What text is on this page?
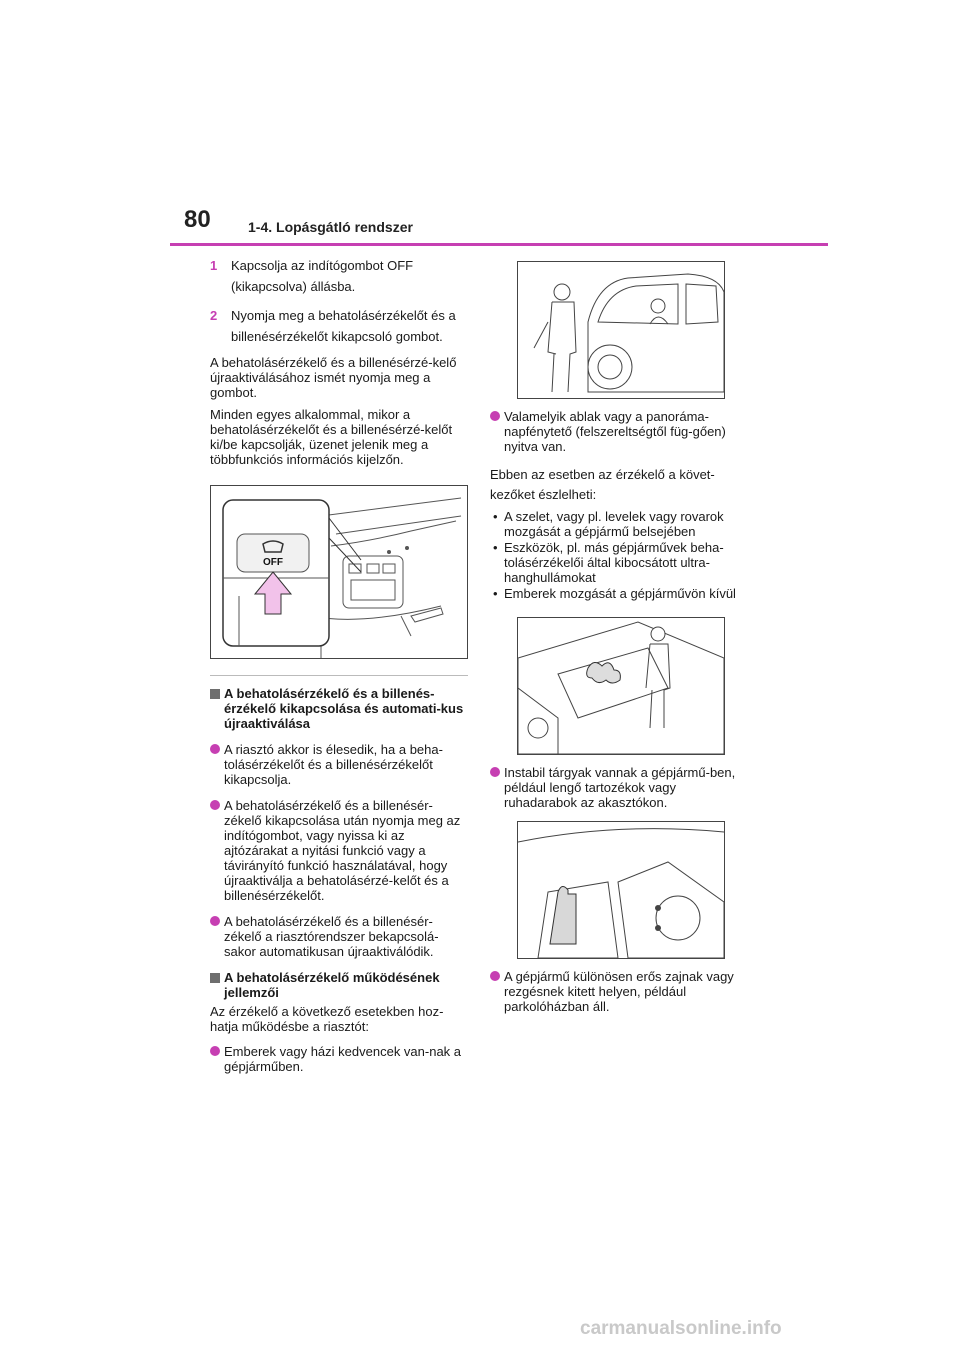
80	1-4. Lopásgátló rendszer
1 Kapcsolja az indítógombot OFF (kikapcsolva) állásba.
2 Nyomja meg a behatolásérzékelőt és a billenésérzékelőt kikapcsoló gombot.

A behatolásérzékelő és a billenésérzé-kelő újraaktiválásához ismét nyomja meg a gombot.

Minden egyes alkalommal, mikor a behatolásérzékelőt és a billenésérzé-kelőt ki/be kapcsolják, üzenet jelenik meg a többfunkciós információs kijelzőn.

OFF
A behatolásérzékelő és a billenés-érzékelő kikapcsolása és automati-kus újraaktiválása
A riasztó akkor is élesedik, ha a beha-tolásérzékelőt és a billenésérzékelőt kikapcsolja.
A behatolásérzékelő és a billenésér-zékelő kikapcsolása után nyomja meg az indítógombot, vagy nyissa ki az ajtózárakat a nyitási funkció vagy a távirányító funkció használatával, hogy újraaktiválja a behatolásérzé-kelőt és a billenésérzékelőt.
A behatolásérzékelő és a billenésér-zékelő a riasztórendszer bekapcsolá-sakor automatikusan újraaktiválódik.
A behatolásérzékelő működésének jellemzői

Az érzékelő a következő esetekben hoz-hatja működésbe a riasztót:

Emberek vagy házi kedvencek van-nak a gépjárműben.
Valamelyik ablak vagy a panoráma-napfénytető (felszereltségtől füg-gően) nyitva van.

Ebben az esetben az érzékelő a követ-kezőket észlelheti:

• A szelet, vagy pl. levelek vagy rovarok mozgását a gépjármű belsejében
• Eszközök, pl. más gépjárművek beha-tolásérzékelői által kibocsátott ultra-hanghullámokat
• Emberek mozgását a gépjárművön kívül
Instabil tárgyak vannak a gépjármű-ben, például lengő tartozékok vagy ruhadarabok az akasztókon.
A gépjármű különösen erős zajnak vagy rezgésnek kitett helyen, például parkolóházban áll.
carmanualsonline.info
